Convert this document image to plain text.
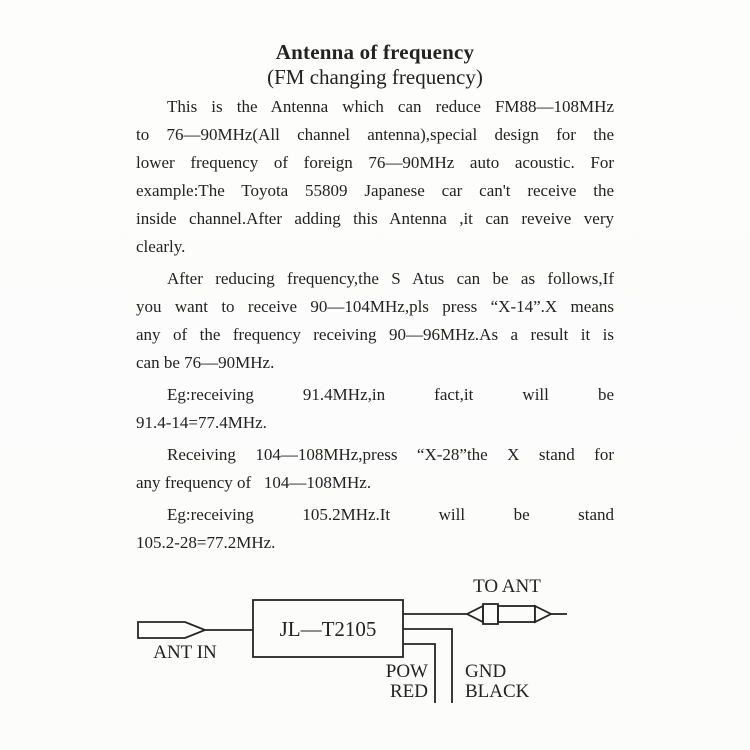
Antenna of frequency
(FM changing frequency)
This is the Antenna which can reduce FM88—108MHz
to 76—90MHz(All channel antenna),special design for the
lower frequency of foreign 76—90MHz auto acoustic. For
example:The Toyota 55809 Japanese car can't receive the
inside channel.After adding this Antenna ,it can reveive very
clearly.
After reducing frequency,the S Atus can be as follows,If
you want to receive 90—104MHz,pls press “X-14”.X means
any of the frequency receiving 90—96MHz.As a result it is
can be 76—90MHz.
Eg:receiving 91.4MHz,in fact,it will be
91.4-14=77.4MHz.
Receiving 104—108MHz,press “X-28”the X stand for
any frequency of   104—108MHz.
Eg:receiving 105.2MHz.It will be stand
105.2-28=77.2MHz.
JL—T2105
ANT IN
TO ANT
POW
RED
GND
BLACK
